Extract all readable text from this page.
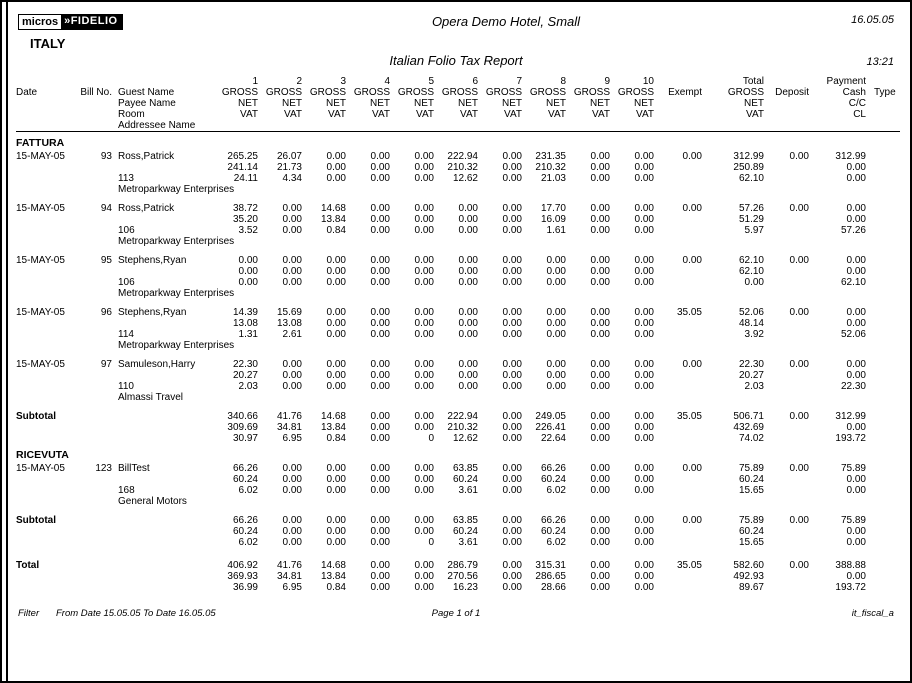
micros »FIDELIO	Opera Demo Hotel, Small	16.05.05
ITALY
Italian Folio Tax Report	13:21
			1	2	3	4	5	6	7	8	9	10		Total		Payment	
Date	Bill No.	Guest Name	GROSS	GROSS	GROSS	GROSS	GROSS	GROSS	GROSS	GROSS	GROSS	GROSS	Exempt	GROSS	Deposit	Cash	Type
		Payee Name	NET	NET	NET	NET	NET	NET	NET	NET	NET	NET		NET		C/C	
		Room	VAT	VAT	VAT	VAT	VAT	VAT	VAT	VAT	VAT	VAT		VAT		CL	
		Addressee Name															

FATTURA																	

15-MAY-05	93	Ross,Patrick	265.25	26.07	0.00	0.00	0.00	222.94	0.00	231.35	0.00	0.00	0.00	312.99	0.00	312.99	
			241.14	21.73	0.00	0.00	0.00	210.32	0.00	210.32	0.00	0.00		250.89		0.00	
		113	24.11	4.34	0.00	0.00	0.00	12.62	0.00	21.03	0.00	0.00		62.10		0.00	
		Metroparkway Enterprises															

15-MAY-05	94	Ross,Patrick	38.72	0.00	14.68	0.00	0.00	0.00	0.00	17.70	0.00	0.00	0.00	57.26	0.00	0.00	
			35.20	0.00	13.84	0.00	0.00	0.00	0.00	16.09	0.00	0.00		51.29		0.00	
		106	3.52	0.00	0.84	0.00	0.00	0.00	0.00	1.61	0.00	0.00		5.97		57.26	
		Metroparkway Enterprises															

15-MAY-05	95	Stephens,Ryan	0.00	0.00	0.00	0.00	0.00	0.00	0.00	0.00	0.00	0.00	0.00	62.10	0.00	0.00	
			0.00	0.00	0.00	0.00	0.00	0.00	0.00	0.00	0.00	0.00		62.10		0.00	
		106	0.00	0.00	0.00	0.00	0.00	0.00	0.00	0.00	0.00	0.00		0.00		62.10	
		Metroparkway Enterprises															

15-MAY-05	96	Stephens,Ryan	14.39	15.69	0.00	0.00	0.00	0.00	0.00	0.00	0.00	0.00	35.05	52.06	0.00	0.00	
			13.08	13.08	0.00	0.00	0.00	0.00	0.00	0.00	0.00	0.00		48.14		0.00	
		114	1.31	2.61	0.00	0.00	0.00	0.00	0.00	0.00	0.00	0.00		3.92		52.06	
		Metroparkway Enterprises															

15-MAY-05	97	Samuleson,Harry	22.30	0.00	0.00	0.00	0.00	0.00	0.00	0.00	0.00	0.00	0.00	22.30	0.00	0.00	
			20.27	0.00	0.00	0.00	0.00	0.00	0.00	0.00	0.00	0.00		20.27		0.00	
		110	2.03	0.00	0.00	0.00	0.00	0.00	0.00	0.00	0.00	0.00		2.03		22.30	
		Almassi Travel															

Subtotal			340.66	41.76	14.68	0.00	0.00	222.94	0.00	249.05	0.00	0.00	35.05	506.71	0.00	312.99	
			309.69	34.81	13.84	0.00	0.00	210.32	0.00	226.41	0.00	0.00		432.69		0.00	
			30.97	6.95	0.84	0.00	0	12.62	0.00	22.64	0.00	0.00		74.02		193.72	

RICEVUTA																	

15-MAY-05	123	BillTest	66.26	0.00	0.00	0.00	0.00	63.85	0.00	66.26	0.00	0.00	0.00	75.89	0.00	75.89	
			60.24	0.00	0.00	0.00	0.00	60.24	0.00	60.24	0.00	0.00		60.24		0.00	
		168	6.02	0.00	0.00	0.00	0.00	3.61	0.00	6.02	0.00	0.00		15.65		0.00	
		General Motors															

Subtotal			66.26	0.00	0.00	0.00	0.00	63.85	0.00	66.26	0.00	0.00	0.00	75.89	0.00	75.89	
			60.24	0.00	0.00	0.00	0.00	60.24	0.00	60.24	0.00	0.00		60.24		0.00	
			6.02	0.00	0.00	0.00	0	3.61	0.00	6.02	0.00	0.00		15.65		0.00	

Total			406.92	41.76	14.68	0.00	0.00	286.79	0.00	315.31	0.00	0.00	35.05	582.60	0.00	388.88	
			369.93	34.81	13.84	0.00	0.00	270.56	0.00	286.65	0.00	0.00		492.93		0.00	
			36.99	6.95	0.84	0.00	0.00	16.23	0.00	28.66	0.00	0.00		89.67		193.72	
Filter	From Date 15.05.05 To Date 16.05.05	Page 1 of 1	it_fiscal_a
